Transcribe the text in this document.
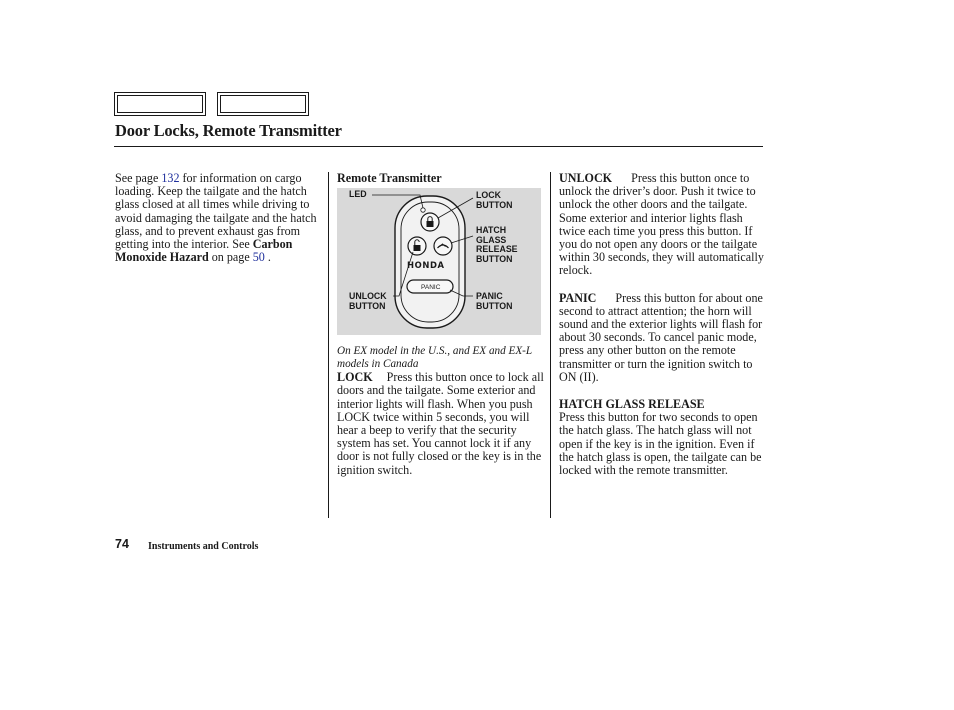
Door Locks, Remote Transmitter

See page 132 for information on cargo loading. Keep the tailgate and the hatch glass closed at all times while driving to avoid damaging the tailgate and the hatch glass, and to prevent exhaust gas from getting into the interior. See Carbon Monoxide Hazard on page 50 .

Remote Transmitter
LED	LOCK
BUTTON
HATCH
GLASS
RELEASE
BUTTON
UNLOCK
BUTTON
PANIC
BUTTON
HONDA
PANIC
On EX model in the U.S., and EX and EX-L models in Canada

LOCK Press this button once to lock all doors and the tailgate. Some exterior and interior lights will flash. When you push LOCK twice within 5 seconds, you will hear a beep to verify that the security system has set. You cannot lock it if any door is not fully closed or the key is in the ignition switch.

UNLOCK Press this button once to unlock the driver’s door. Push it twice to unlock the other doors and the tailgate. Some exterior and interior lights flash twice each time you press this button. If you do not open any doors or the tailgate within 30 seconds, they will automatically relock.

PANIC Press this button for about one second to attract attention; the horn will sound and the exterior lights will flash for about 30 seconds. To cancel panic mode, press any other button on the remote transmitter or turn the ignition switch to ON (II).

HATCH GLASS RELEASE

Press this button for two seconds to open the hatch glass. The hatch glass will not open if the key is in the ignition. Even if the hatch glass is open, the tailgate can be locked with the remote transmitter.

74 Instruments and Controls
